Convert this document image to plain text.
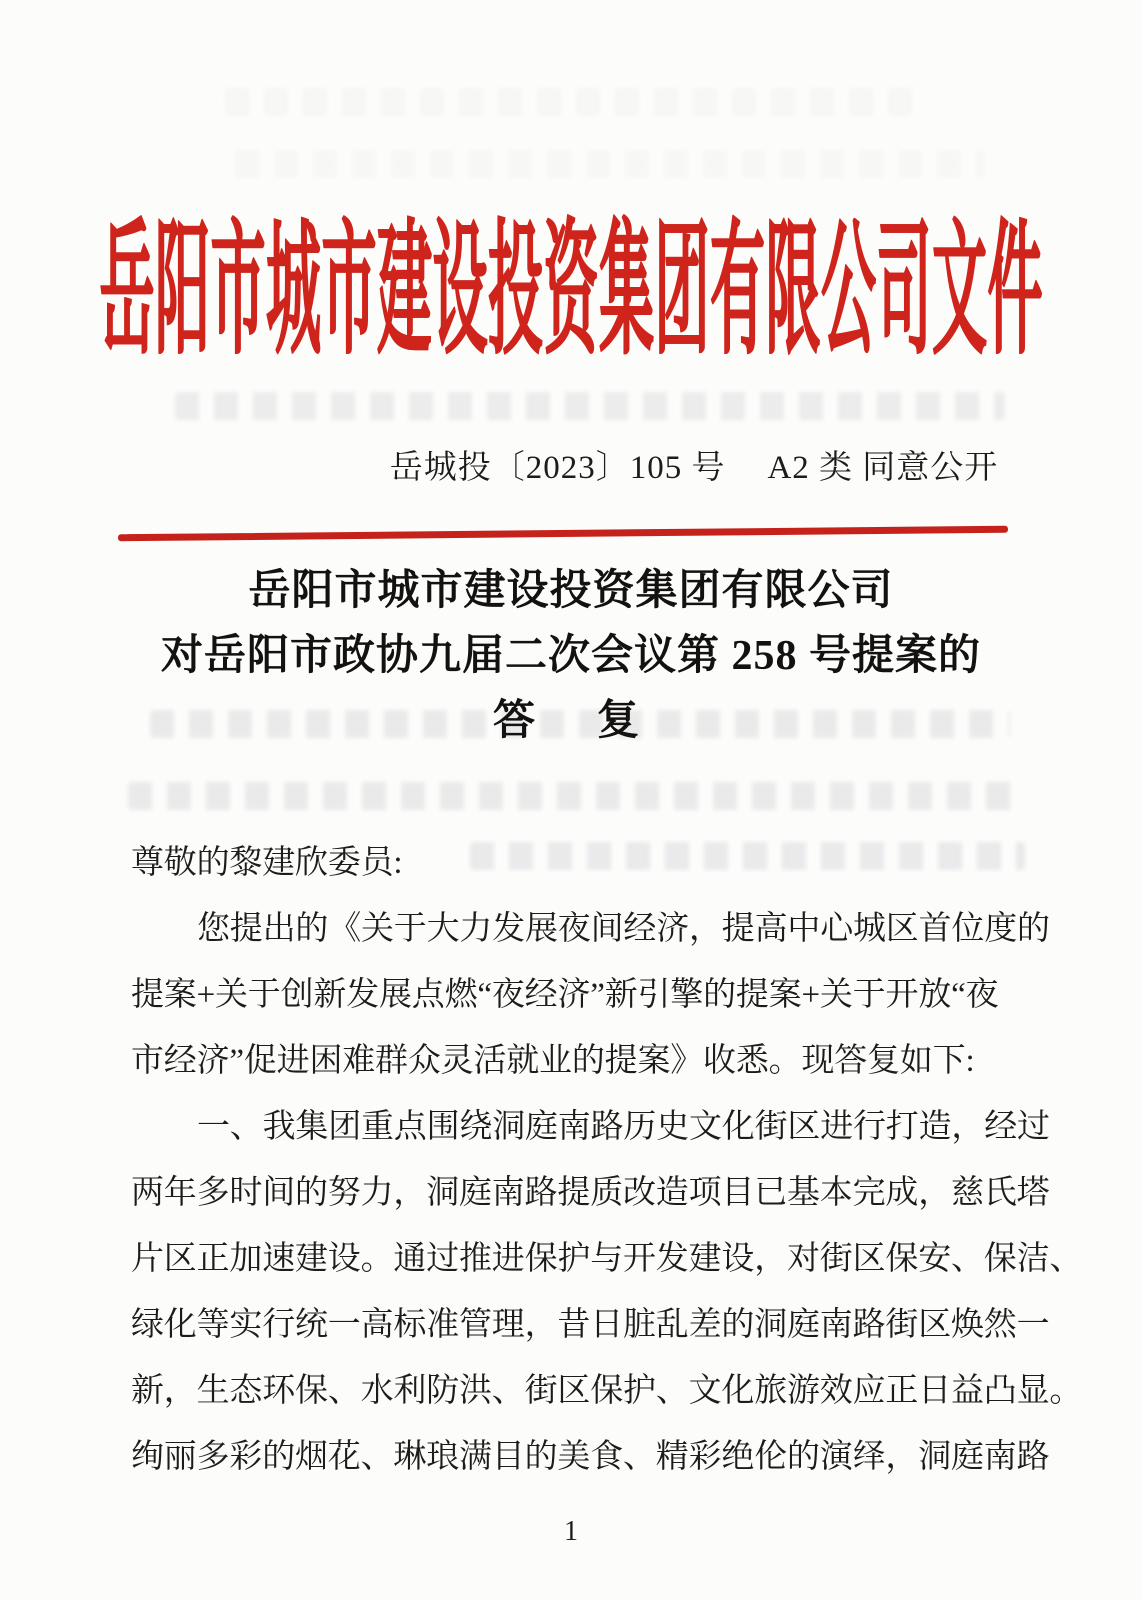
岳阳市城市建设投资集团有限公司文件
岳城投〔2023〕105 号 A2 类 同意公开
岳阳市城市建设投资集团有限公司
对岳阳市政协九届二次会议第 258 号提案的
答　复
尊敬的黎建欣委员:
您提出的《关于大力发展夜间经济，提高中心城区首位度的
提案+关于创新发展点燃“夜经济”新引擎的提案+关于开放“夜
市经济”促进困难群众灵活就业的提案》收悉。现答复如下:
一、我集团重点围绕洞庭南路历史文化街区进行打造，经过
两年多时间的努力，洞庭南路提质改造项目已基本完成，慈氏塔
片区正加速建设。通过推进保护与开发建设，对街区保安、保洁、
绿化等实行统一高标准管理，昔日脏乱差的洞庭南路街区焕然一
新，生态环保、水利防洪、街区保护、文化旅游效应正日益凸显。
绚丽多彩的烟花、琳琅满目的美食、精彩绝伦的演绎，洞庭南路
1
